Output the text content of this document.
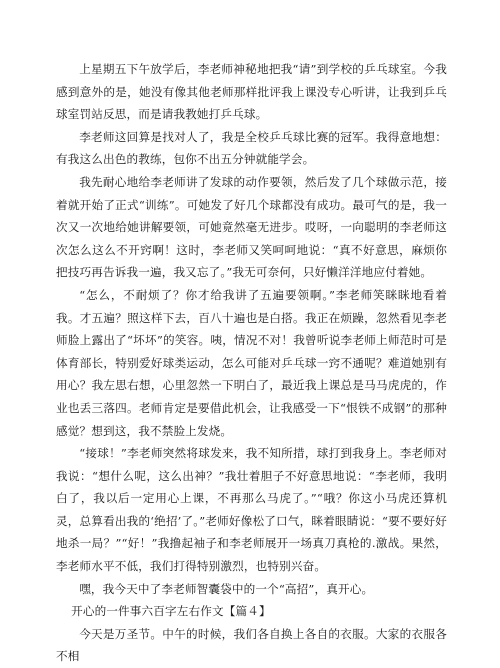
上星期五下午放学后，李老师神秘地把我“请”到学校的乒乓球室。今我感到意外的是，她没有像其他老师那样批评我上课没专心听讲，让我到乒乓球室罚站反思，而是请我教她打乒乓球。

李老师这回算是找对人了，我是全校乒乓球比赛的冠军。我得意地想：有我这么出色的教练，包你不出五分钟就能学会。

我先耐心地给李老师讲了发球的动作要领，然后发了几个球做示范，接着就开始了正式“训练”。可她发了好几个球都没有成功。最可气的是，我一次又一次地给她讲解要领，可她竟然毫无进步。哎呀，一向聪明的李老师这次怎么这么不开窍啊！这时，李老师又笑呵呵地说：“真不好意思，麻烦你把技巧再告诉我一遍，我又忘了。”我无可奈何，只好懒洋洋地应付着她。

“怎么，不耐烦了？你才给我讲了五遍要领啊。”李老师笑眯眯地看着我。才五遍？照这样下去，百八十遍也是白搭。我正在烦躁，忽然看见李老师脸上露出了“坏坏”的笑容。咦，情况不对！我曾听说李老师上师范时可是体育部长，特别爱好球类运动，怎么可能对乒乓球一窍不通呢？难道她别有用心？我左思右想，心里忽然一下明白了，最近我上课总是马马虎虎的，作业也丢三落四。老师肯定是要借此机会，让我感受一下“恨铁不成钢”的那种感觉？想到这，我不禁脸上发烧。

“接球！”李老师突然将球发来，我不知所措，球打到我身上。李老师对我说：“想什么呢，这么出神？”我壮着胆子不好意思地说：“李老师，我明白了，我以后一定用心上课，不再那么马虎了。”“哦？你这小马虎还算机灵，总算看出我的‘绝招’了。”老师好像松了口气，眯着眼睛说：“要不要好好地杀一局？”“好！”我撸起袖子和李老师展开一场真刀真枪的.激战。果然，李老师水平不低，我们打得特别激烈，也特别兴奋。

嘿，我今天中了李老师智囊袋中的一个“高招”，真开心。

开心的一件事六百字左右作文【篇４】

今天是万圣节。中午的时候，我们各自换上各自的衣服。大家的衣服各不相
